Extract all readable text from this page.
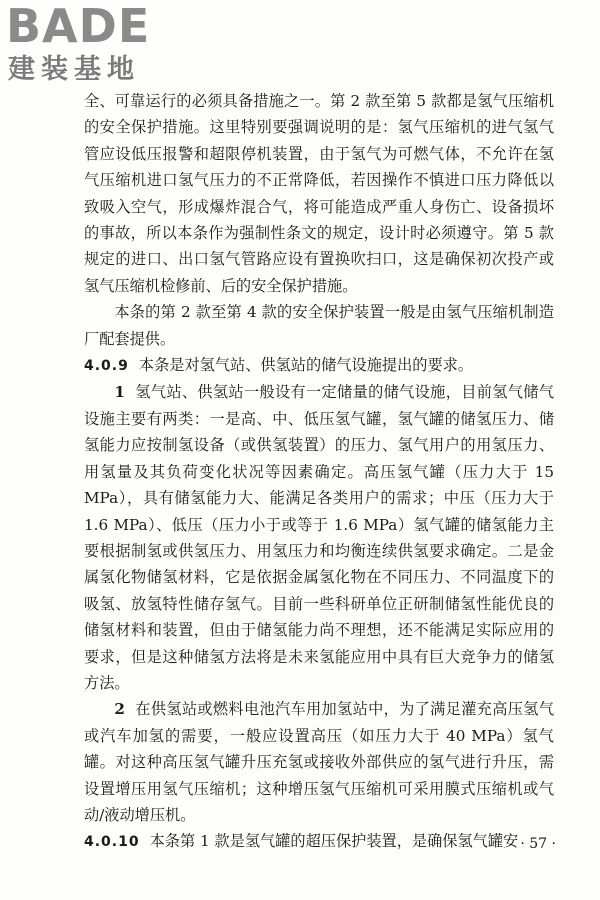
BADE
建装基地

全、可靠运行的必须具备措施之一。第 2 款至第 5 款都是氢气压缩机的安全保护措施。这里特别要强调说明的是：氢气压缩机的进气氢气管应设低压报警和超限停机装置，由于氢气为可燃气体，不允许在氢气压缩机进口氢气压力的不正常降低，若因操作不慎进口压力降低以致吸入空气，形成爆炸混合气，将可能造成严重人身伤亡、设备损坏的事故，所以本条作为强制性条文的规定，设计时必须遵守。第 5 款规定的进口、出口氢气管路应设有置换吹扫口，这是确保初次投产或氢气压缩机检修前、后的安全保护措施。

本条的第 2 款至第 4 款的安全保护装置一般是由氢气压缩机制造厂配套提供。

4.0.9 本条是对氢气站、供氢站的储气设施提出的要求。

1 氢气站、供氢站一般设有一定储量的储气设施，目前氢气储气设施主要有两类：一是高、中、低压氢气罐，氢气罐的储氢压力、储氢能力应按制氢设备（或供氢装置）的压力、氢气用户的用氢压力、用氢量及其负荷变化状况等因素确定。高压氢气罐（压力大于 15 MPa），具有储氢能力大、能满足各类用户的需求；中压（压力大于 1.6 MPa）、低压（压力小于或等于 1.6 MPa）氢气罐的储氢能力主要根据制氢或供氢压力、用氢压力和均衡连续供氢要求确定。二是金属氢化物储氢材料，它是依据金属氢化物在不同压力、不同温度下的吸氢、放氢特性储存氢气。目前一些科研单位正研制储氢性能优良的储氢材料和装置，但由于储氢能力尚不理想，还不能满足实际应用的要求，但是这种储氢方法将是未来氢能应用中具有巨大竞争力的储氢方法。

2 在供氢站或燃料电池汽车用加氢站中，为了满足灌充高压氢气或汽车加氢的需要，一般应设置高压（如压力大于 40 MPa）氢气罐。对这种高压氢气罐升压充氢或接收外部供应的氢气进行升压，需设置增压用氢气压缩机；这种增压氢气压缩机可采用膜式压缩机或气动/液动增压机。

4.0.10 本条第 1 款是氢气罐的超压保护装置，是确保氢气罐安 · 57 ·
